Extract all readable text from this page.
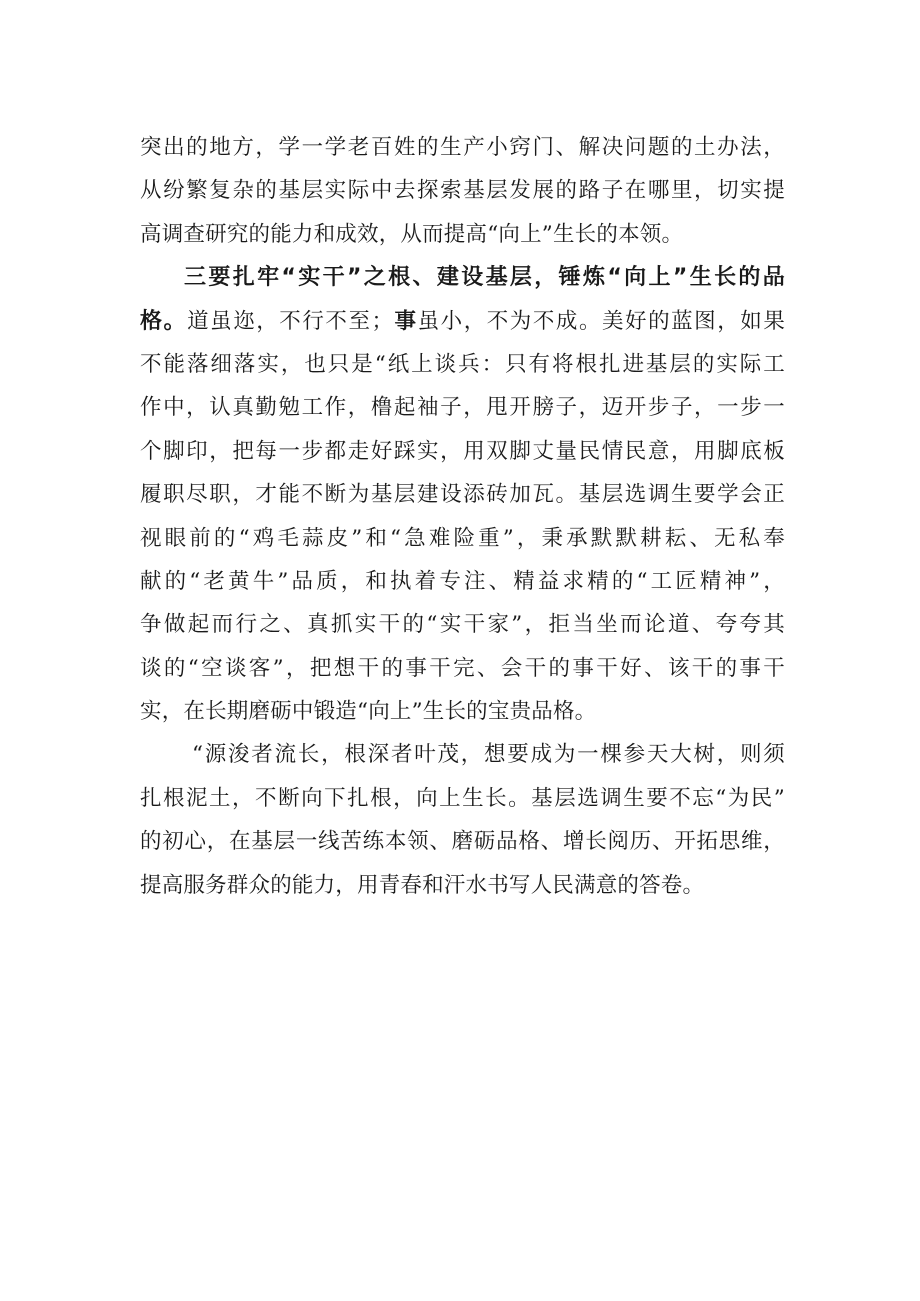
突出的地方，学一学老百姓的生产小窍门、解决问题的土办法，
从纷繁复杂的基层实际中去探索基层发展的路子在哪里，切实提
高调查研究的能力和成效，从而提高“向上”生长的本领。
三要扎牢“实干”之根、建设基层，锤炼“向上”生长的品
格。道虽迩，不行不至；事虽小，不为不成。美好的蓝图，如果
不能落细落实，也只是“纸上谈兵：只有将根扎进基层的实际工
作中，认真勤勉工作，橹起袖子，甩开膀子，迈开步子，一步一
个脚印，把每一步都走好踩实，用双脚丈量民情民意，用脚底板
履职尽职，才能不断为基层建设添砖加瓦。基层选调生要学会正
视眼前的“鸡毛蒜皮”和“急难险重”，秉承默默耕耘、无私奉
献的“老黄牛”品质，和执着专注、精益求精的“工匠精神”，
争做起而行之、真抓实干的“实干家”，拒当坐而论道、夸夸其
谈的“空谈客”，把想干的事干完、会干的事干好、该干的事干
实，在长期磨砺中锻造“向上”生长的宝贵品格。
“源浚者流长，根深者叶茂，想要成为一棵参天大树，则须
扎根泥土，不断向下扎根，向上生长。基层选调生要不忘“为民”
的初心，在基层一线苦练本领、磨砺品格、增长阅历、开拓思维，
提高服务群众的能力，用青春和汗水书写人民满意的答卷。
